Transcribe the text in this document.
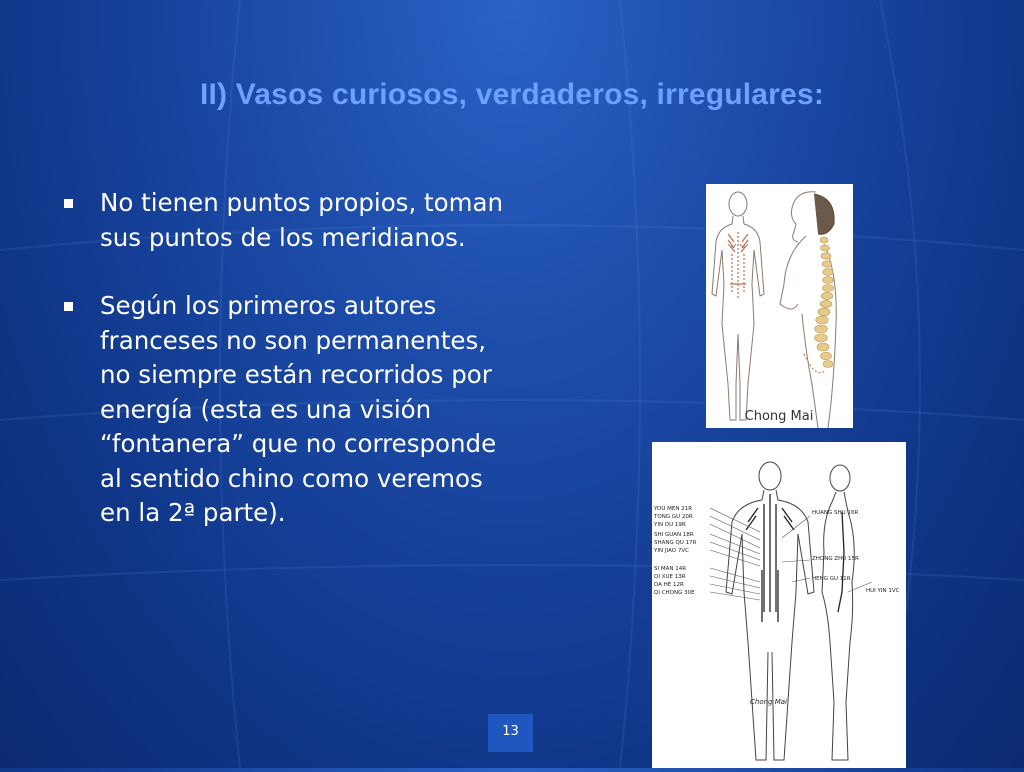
II) Vasos curiosos, verdaderos, irregulares:
No tienen puntos propios, toman sus puntos de los meridianos.
Según los primeros autores franceses no son permanentes, no siempre están recorridos por energía (esta es una visión “fontanera” que no corresponde al sentido chino como veremos en la 2ª parte).
Chong Mai
YOU MEN 21R
TONG GU 20R
YIN DU 19R
SHI GUAN 18R
SHANG QU 17R
YIN JIAO 7VC
SI MAN 14R
QI XUE 13R
DA HE 12R
QI CHONG 30E
HUANG SHU 16R
ZHONG ZHU 15R
HENG GU 11R
HUI YIN 1VC
Chong Mai
13
